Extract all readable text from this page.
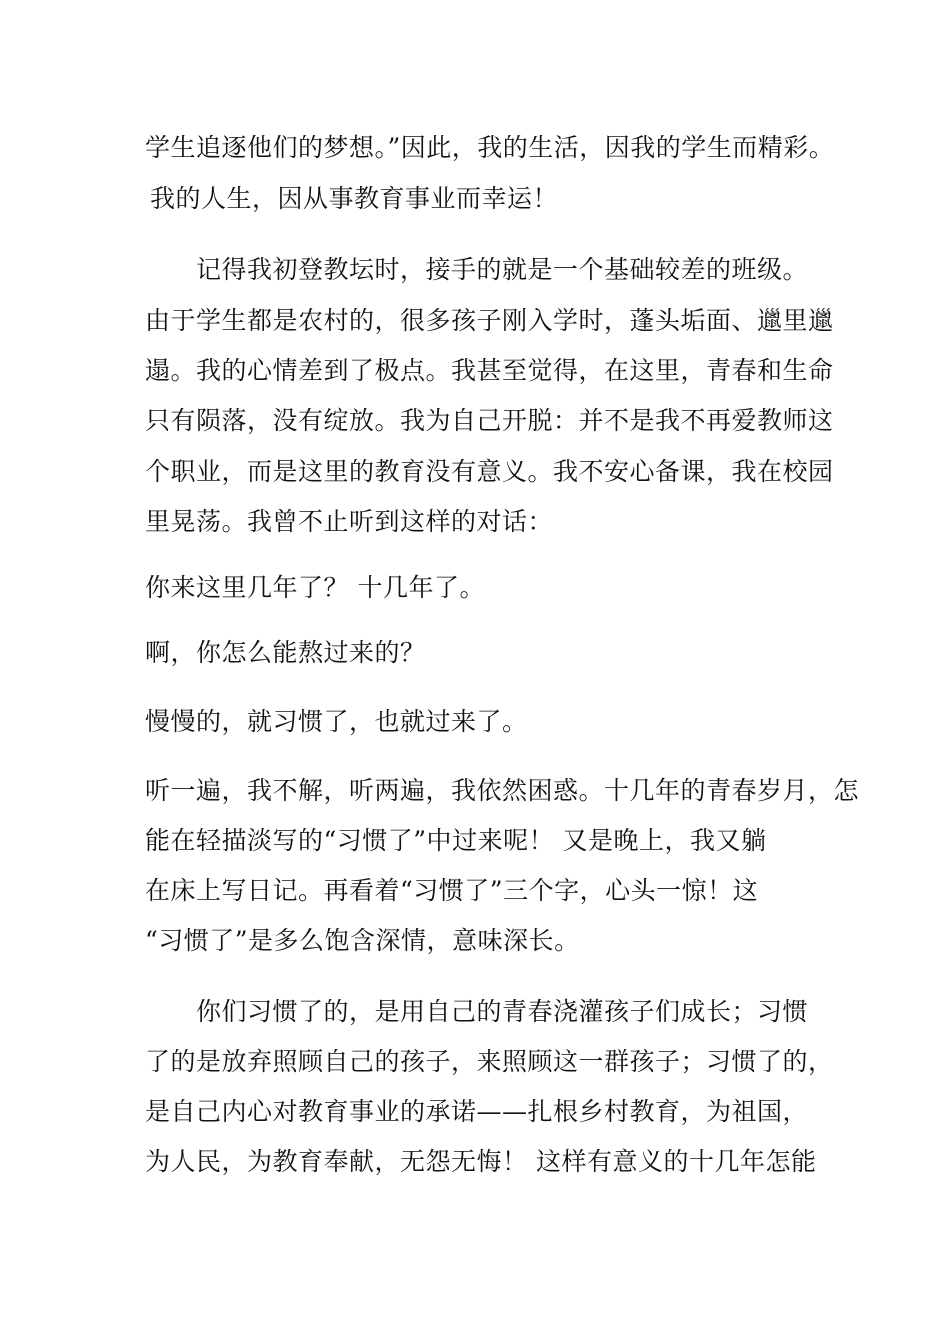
学生追逐他们的梦想。”因此，我的生活，因我的学生而精彩。
我的人生，因从事教育事业而幸运！
记得我初登教坛时，接手的就是一个基础较差的班级。
由于学生都是农村的，很多孩子刚入学时，蓬头垢面、邋里邋
遢。我的心情差到了极点。我甚至觉得，在这里，青春和生命
只有陨落，没有绽放。我为自己开脱：并不是我不再爱教师这
个职业，而是这里的教育没有意义。我不安心备课，我在校园
里晃荡。我曾不止听到这样的对话：
你来这里几年了？ 十几年了。
啊，你怎么能熬过来的？
慢慢的，就习惯了，也就过来了。
听一遍，我不解，听两遍，我依然困惑。十几年的青春岁月，怎
能在轻描淡写的“习惯了”中过来呢！ 又是晚上，我又躺
在床上写日记。再看着“习惯了”三个字，心头一惊！这
“习惯了”是多么饱含深情，意味深长。
你们习惯了的，是用自己的青春浇灌孩子们成长；习惯
了的是放弃照顾自己的孩子，来照顾这一群孩子；习惯了的，
是自己内心对教育事业的承诺——扎根乡村教育，为祖国，
为人民，为教育奉献，无怨无悔！ 这样有意义的十几年怎能
